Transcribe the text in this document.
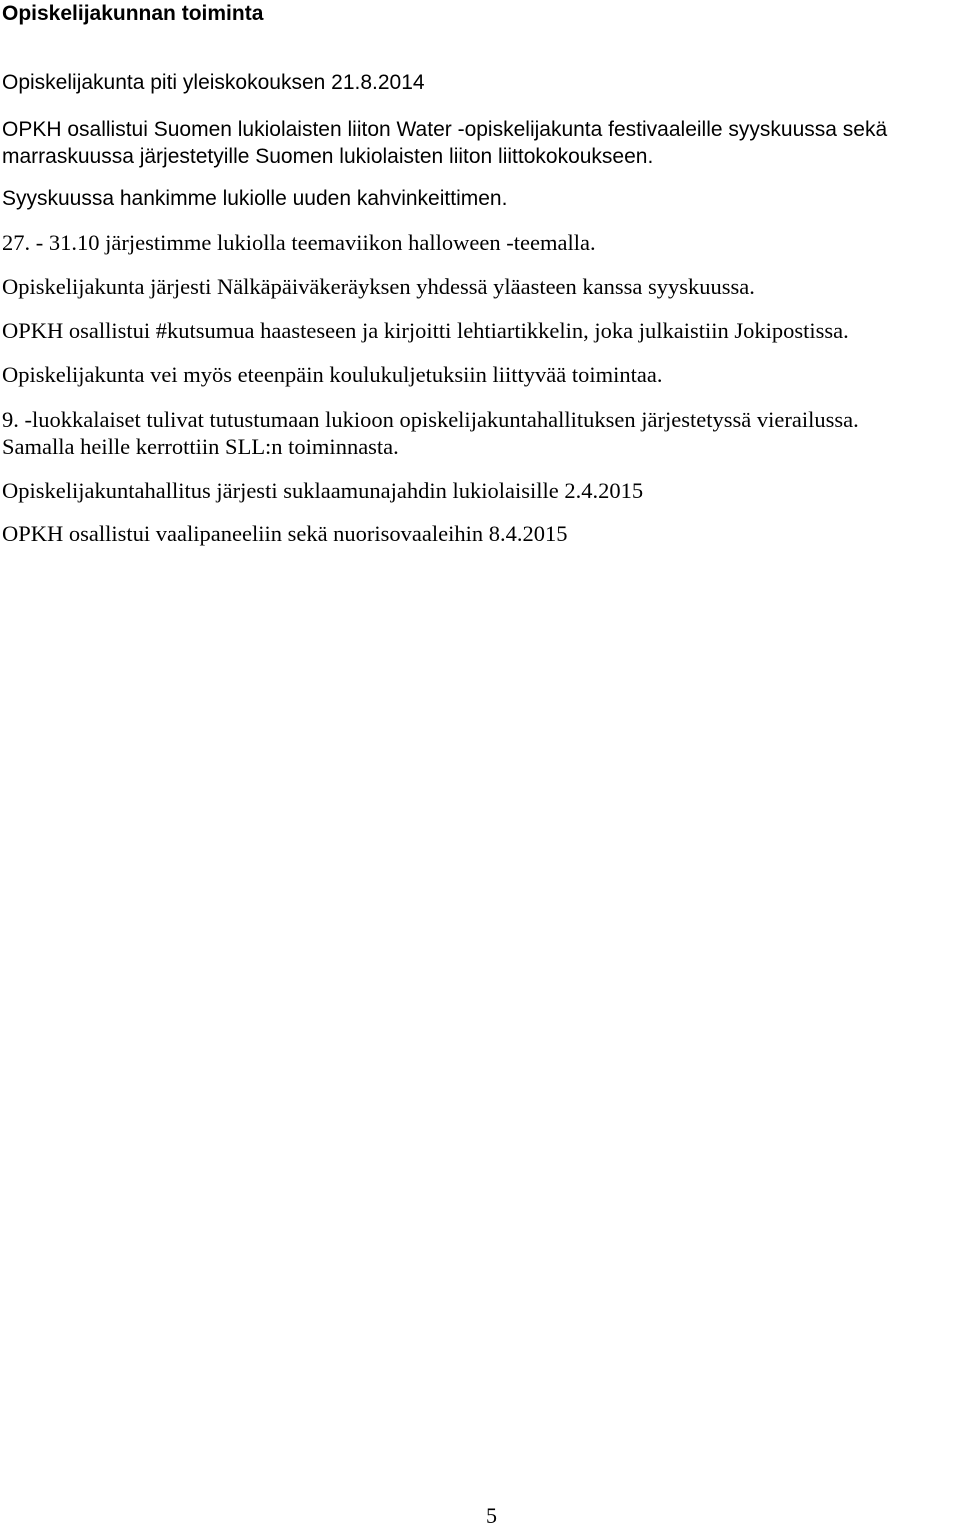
Opiskelijakunnan toiminta

Opiskelijakunta piti yleiskokouksen 21.8.2014

OPKH osallistui Suomen lukiolaisten liiton Water -opiskelijakunta festivaaleille syyskuussa sekä

marraskuussa järjestetyille Suomen lukiolaisten liiton liittokokoukseen.

Syyskuussa hankimme lukiolle uuden kahvinkeittimen.

27. - 31.10 järjestimme lukiolla teemaviikon halloween -teemalla.

Opiskelijakunta järjesti Nälkäpäiväkeräyksen yhdessä yläasteen kanssa syyskuussa.

OPKH osallistui #kutsumua haasteseen ja kirjoitti lehtiartikkelin, joka julkaistiin Jokipostissa.

Opiskelijakunta vei myös eteenpäin koulukuljetuksiin liittyvää toimintaa.

9. -luokkalaiset tulivat tutustumaan lukioon opiskelijakuntahallituksen järjestetyssä vierailussa.

Samalla heille kerrottiin SLL:n toiminnasta.

Opiskelijakuntahallitus järjesti suklaamunajahdin lukiolaisille 2.4.2015

OPKH osallistui vaalipaneeliin sekä nuorisovaaleihin 8.4.2015

5
